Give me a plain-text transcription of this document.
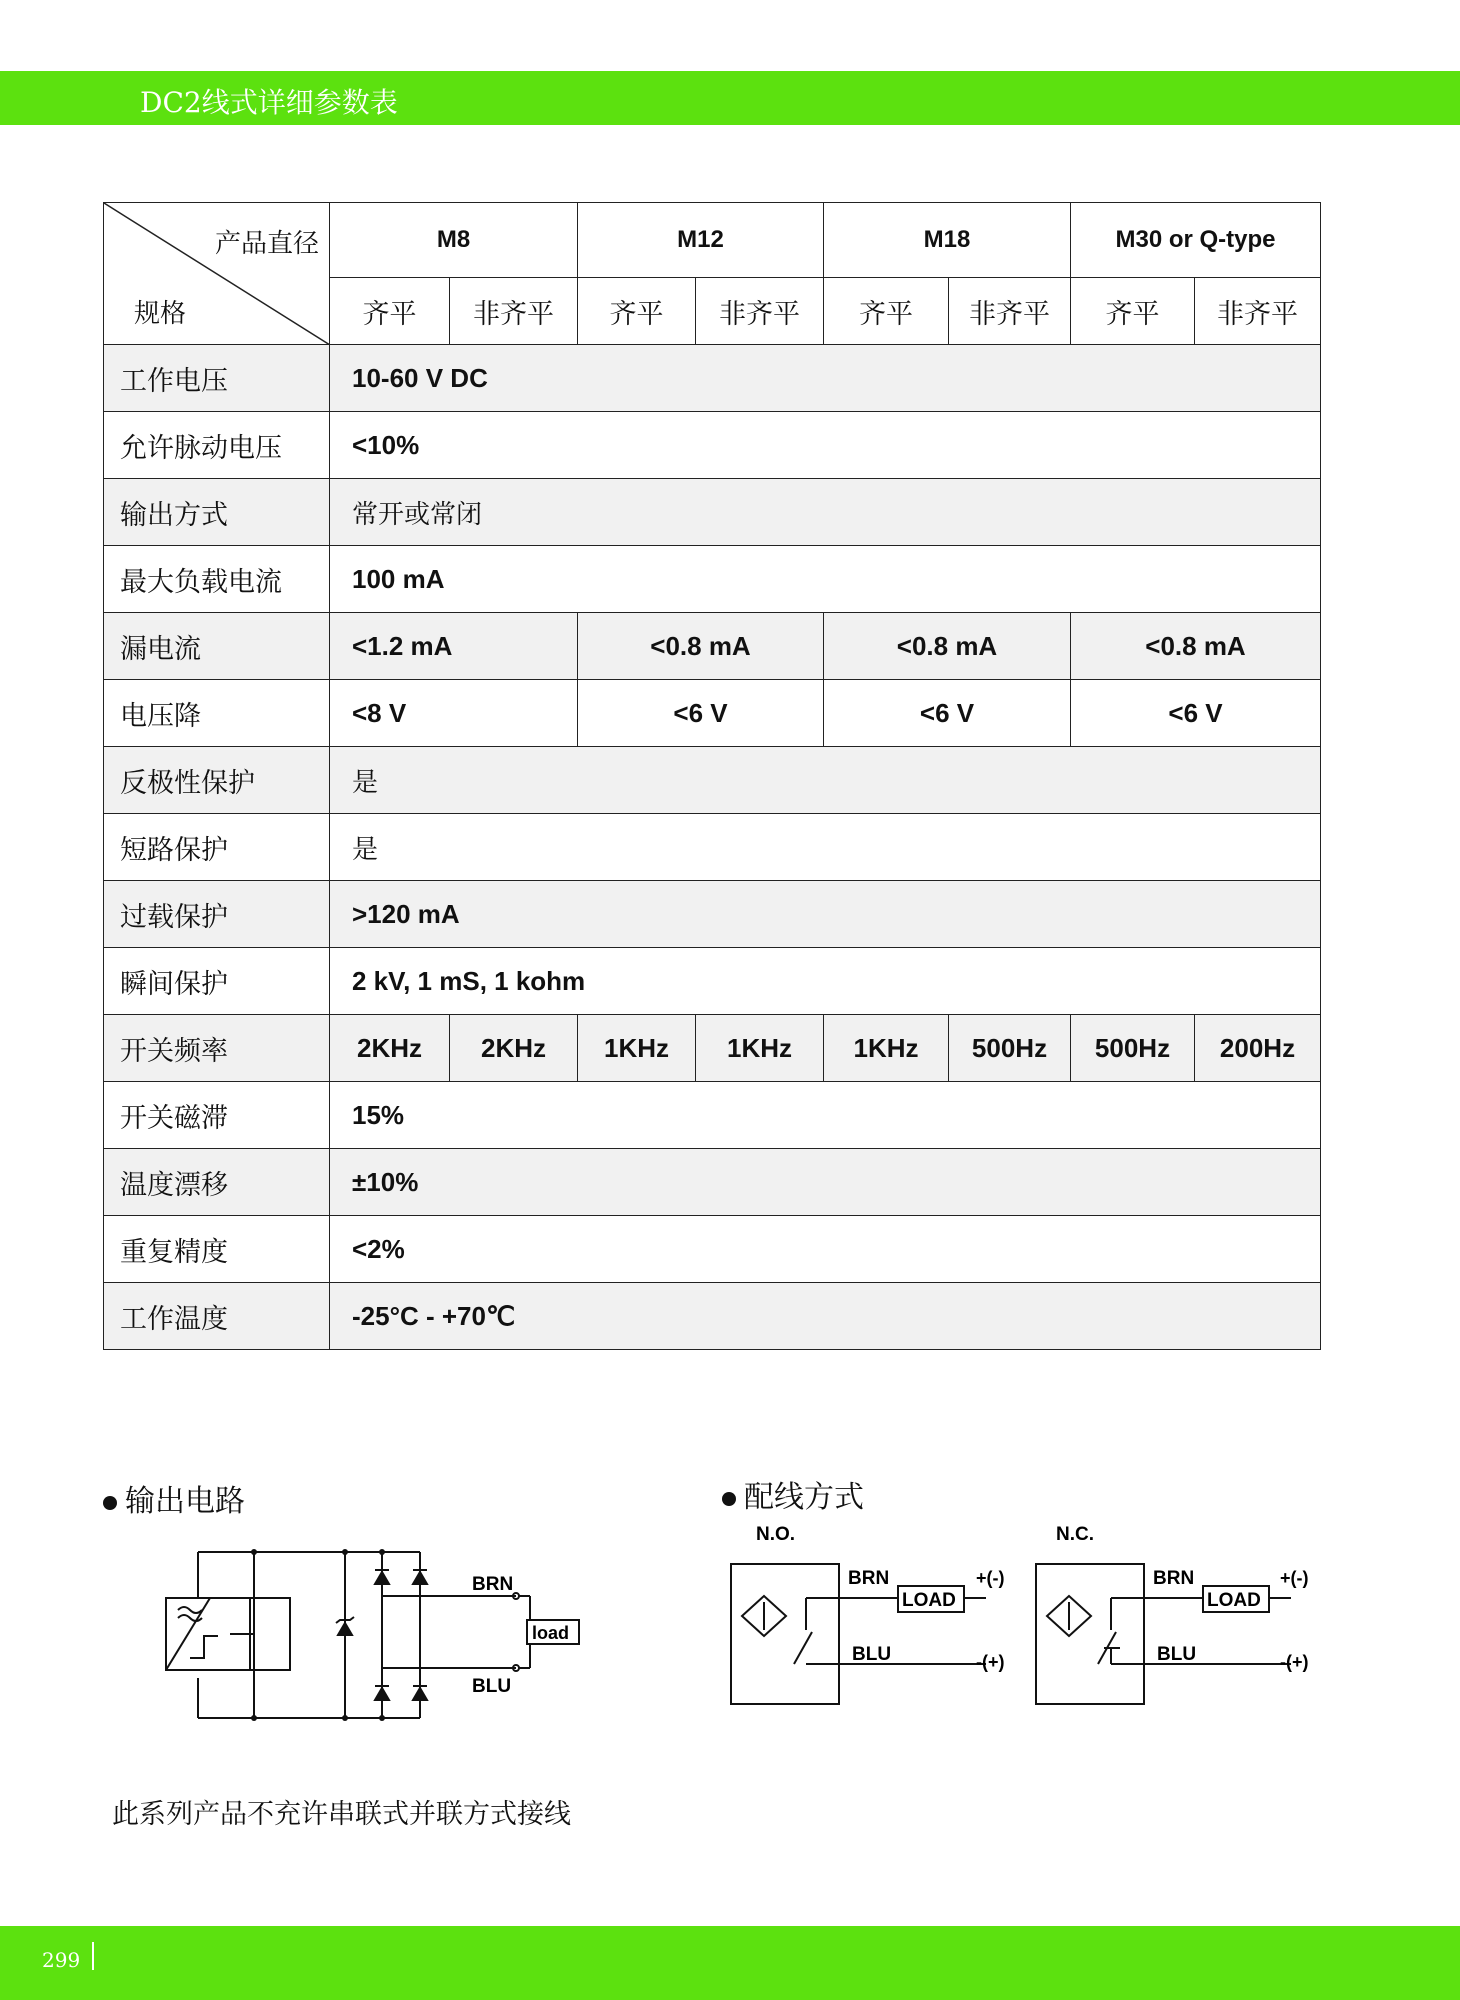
DC2线式详细参数表
产品直径
规格	M8		M12		M18		M30 or Q-type	
	齐平	非齐平	齐平	非齐平	齐平	非齐平	齐平	非齐平
工作电压	10-60 V DC							
允许脉动电压	<10%							
输出方式	常开或常闭							
最大负载电流	100 mA							
漏电流	<1.2 mA		<0.8 mA		<0.8 mA		<0.8 mA	
电压降	<8 V		<6 V		<6 V		<6 V	
反极性保护	是							
短路保护	是							
过载保护	>120 mA							
瞬间保护	2 kV, 1 mS, 1 kohm							
开关频率	2KHz	2KHz	1KHz	1KHz	1KHz	500Hz	500Hz	200Hz
开关磁滞	15%							
温度漂移	±10%							
重复精度	<2%							
工作温度	-25°C - +70℃							
输出电路
BRN
BLU
load
配线方式
N.O.	N.C.
BRN
LOAD
+(-)
BLU	-(+)
BRN
LOAD
+(-)
BLU	-(+)
此系列产品不充许串联式并联方式接线
299
